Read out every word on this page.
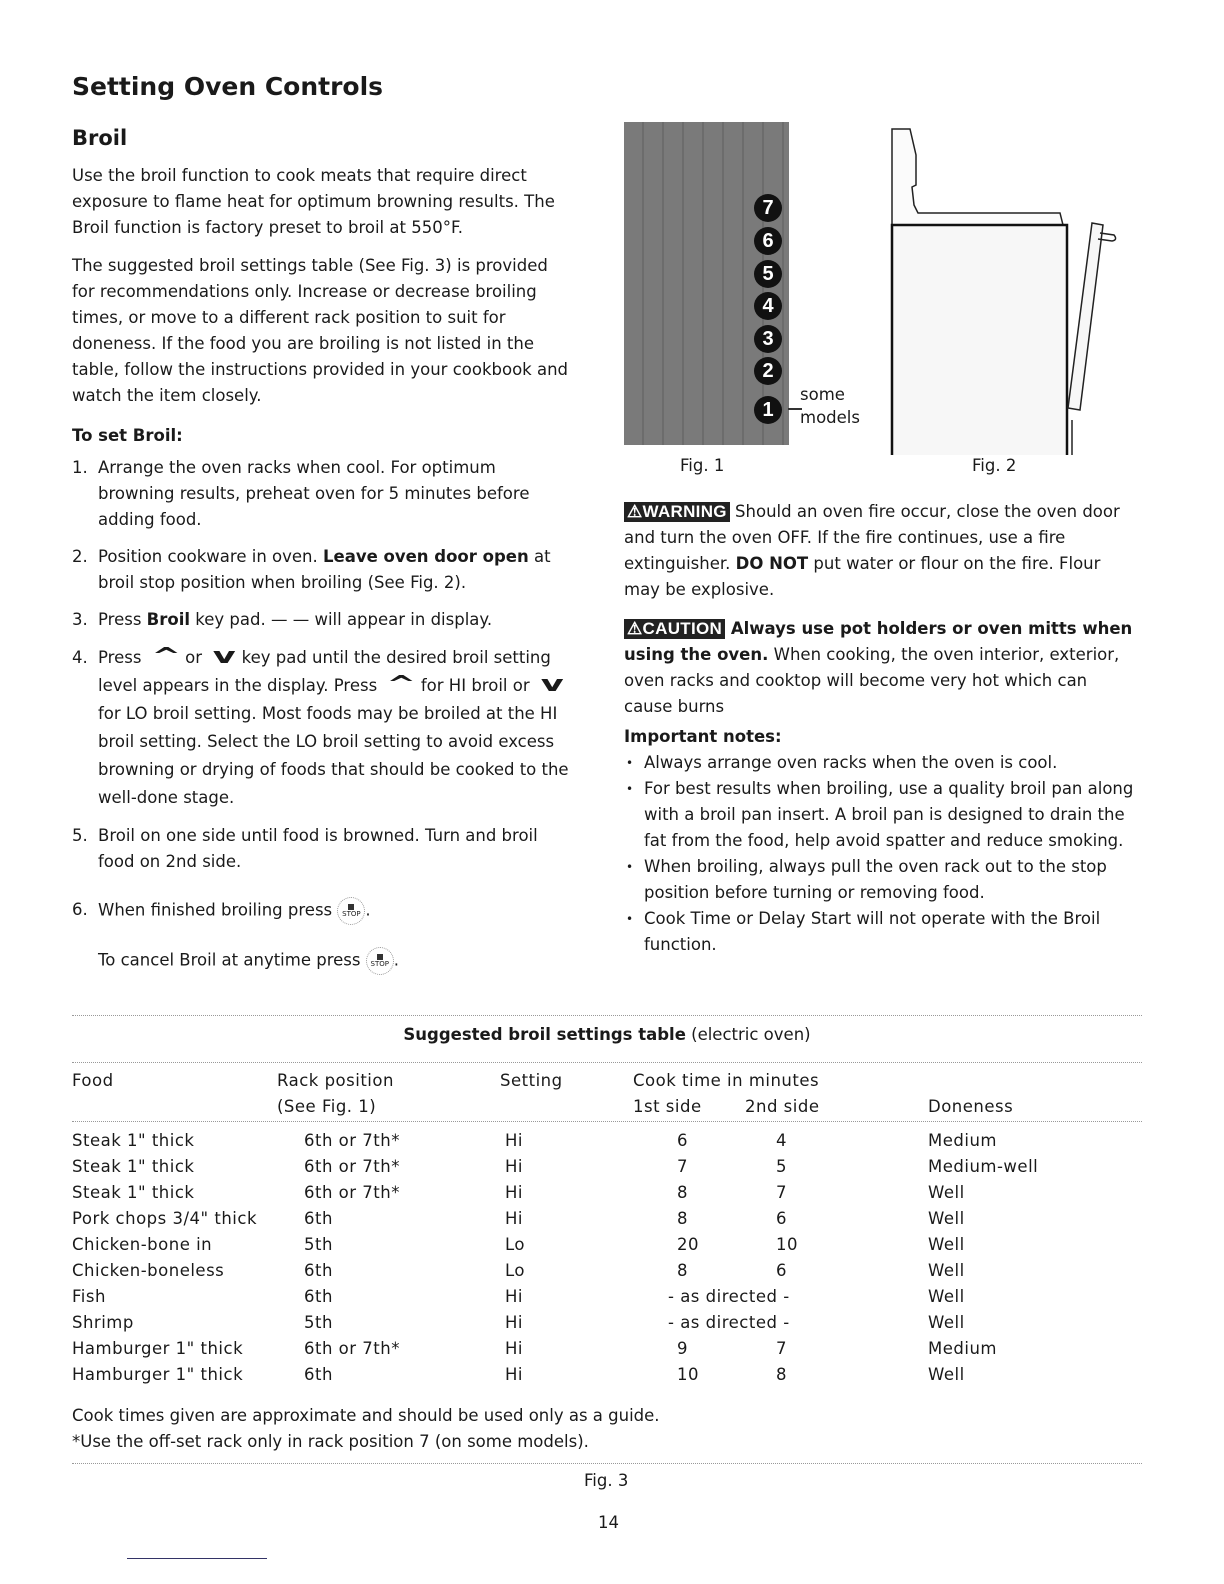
Setting Oven Controls
Broil

Use the broil function to cook meats that require direct exposure to flame heat for optimum browning results. The Broil function is factory preset to broil at 550°F.

The suggested broil settings table (See Fig. 3) is provided for recommendations only. Increase or decrease broiling times, or move to a different rack position to suit for doneness. If the food you are broiling is not listed in the table, follow the instructions provided in your cookbook and watch the item closely.

To set Broil:

1. Arrange the oven racks when cool. For optimum browning results, preheat oven for 5 minutes before adding food.
2. Position cookware in oven. Leave oven door open at broil stop position when broiling (See Fig. 2).
3. Press Broil key pad. — — will appear in display.
4. Press ^ or v key pad until the desired broil setting level appears in the display. Press ^ for HI broil or vfor LO broil setting. Most foods may be broiled at the HI broil setting. Select the LO broil setting to avoid excess browning or drying of foods that should be cooked to the well-done stage.
5. Broil on one side until food is browned. Turn and broil food on 2nd side.
6. When finished broiling press STOP .
To cancel Broil at anytime press STOP .
7
6
5
4
3
2
1
some
models
Fig. 1	Fig. 2

⚠WARNING Should an oven fire occur, close the oven door and turn the oven OFF. If the fire continues, use a fire extinguisher. DO NOT put water or flour on the fire. Flour may be explosive.

⚠CAUTION Always use pot holders or oven mitts when using the oven. When cooking, the oven interior, exterior, oven racks and cooktop will become very hot which can cause burns

Important notes:

• Always arrange oven racks when the oven is cool.
• For best results when broiling, use a quality broil pan along with a broil pan insert. A broil pan is designed to drain the fat from the food, help avoid spatter and reduce smoking.
• When broiling, always pull the oven rack out to the stop position before turning or removing food.
• Cook Time or Delay Start will not operate with the Broil function.
Suggested broil settings table (electric oven)
Food	Rack position
(See Fig. 1)
Setting	Cook time in minutes
1st side	2nd side	Doneness
Steak 1" thick	6th or 7th*	Hi	6	4	Medium
Steak 1" thick	6th or 7th*	Hi	7	5	Medium-well
Steak 1" thick	6th or 7th*	Hi	8	7	Well
Pork chops 3/4" thick	6th	Hi	8	6	Well
Chicken-bone in	5th	Lo	20	10	Well
Chicken-boneless	6th	Lo	8	6	Well
Fish	6th	Hi	- as directed -	Well
Shrimp	5th	Hi	- as directed -	Well
Hamburger 1" thick	6th or 7th*	Hi	9	7	Medium
Hamburger 1" thick	6th	Hi	10	8	Well

Cook times given are approximate and should be used only as a guide.

*Use the off-set rack only in rack position 7 (on some models).

Fig. 3
14
